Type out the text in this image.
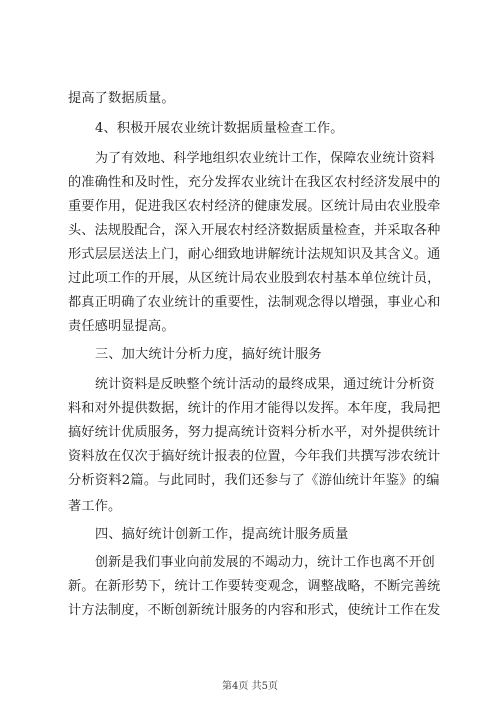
提高了数据质量。
4、积极开展农业统计数据质量检查工作。
为了有效地、科学地组织农业统计工作，保障农业统计资料
的准确性和及时性，充分发挥农业统计在我区农村经济发展中的
重要作用，促进我区农村经济的健康发展。区统计局由农业股牵
头、法规股配合，深入开展农村经济数据质量检查，并采取各种
形式层层送法上门，耐心细致地讲解统计法规知识及其含义。通
过此项工作的开展，从区统计局农业股到农村基本单位统计员，
都真正明确了农业统计的重要性，法制观念得以增强，事业心和
责任感明显提高。
三、加大统计分析力度，搞好统计服务
统计资料是反映整个统计活动的最终成果，通过统计分析资
料和对外提供数据，统计的作用才能得以发挥。本年度，我局把
搞好统计优质服务，努力提高统计资料分析水平，对外提供统计
资料放在仅次于搞好统计报表的位置，今年我们共撰写涉农统计
分析资料2篇。与此同时，我们还参与了《游仙统计年鉴》的编
著工作。
四、搞好统计创新工作，提高统计服务质量
创新是我们事业向前发展的不竭动力，统计工作也离不开创
新。在新形势下，统计工作要转变观念，调整战略，不断完善统
计方法制度，不断创新统计服务的内容和形式，使统计工作在发
第4页 共5页
